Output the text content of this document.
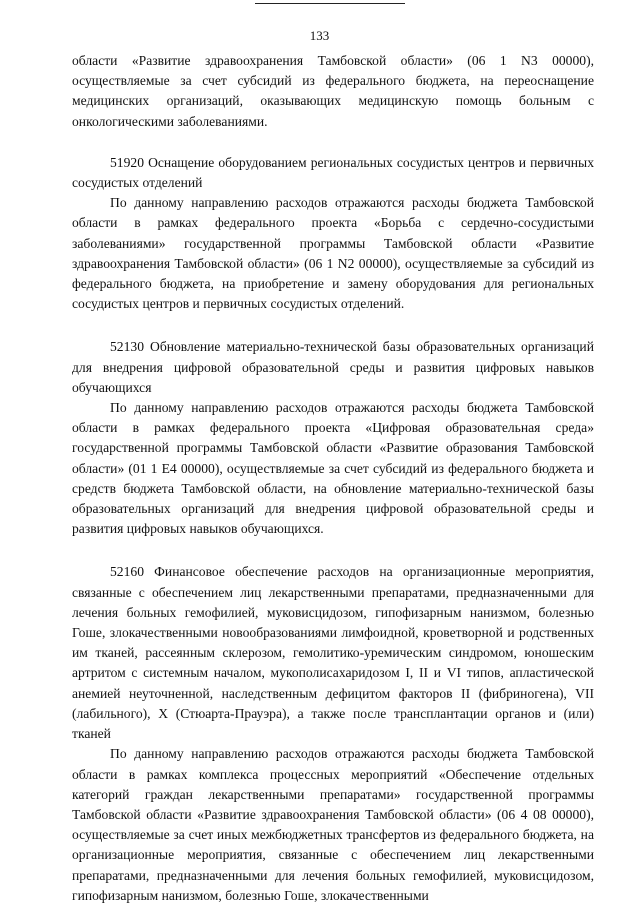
133

области «Развитие здравоохранения Тамбовской области» (06 1 N3 00000), осуществляемые за счет субсидий из федерального бюджета, на переоснащение медицинских организаций, оказывающих медицинскую помощь больным с онкологическими заболеваниями.

51920 Оснащение оборудованием региональных сосудистых центров и первичных сосудистых отделений

По данному направлению расходов отражаются расходы бюджета Тамбовской области в рамках федерального проекта «Борьба с сердечно-сосудистыми заболеваниями» государственной программы Тамбовской области «Развитие здравоохранения Тамбовской области» (06 1 N2 00000), осуществляемые за субсидий из федерального бюджета, на приобретение и замену оборудования для региональных сосудистых центров и первичных сосудистых отделений.

52130 Обновление материально-технической базы образовательных организаций для внедрения цифровой образовательной среды и развития цифровых навыков обучающихся

По данному направлению расходов отражаются расходы бюджета Тамбовской области в рамках федерального проекта «Цифровая образовательная среда» государственной программы Тамбовской области «Развитие образования Тамбовской области» (01 1 E4 00000), осуществляемые за счет субсидий из федерального бюджета и средств бюджета Тамбовской области, на обновление материально-технической базы образовательных организаций для внедрения цифровой образовательной среды и развития цифровых навыков обучающихся.

52160 Финансовое обеспечение расходов на организационные мероприятия, связанные с обеспечением лиц лекарственными препаратами, предназначенными для лечения больных гемофилией, муковисцидозом, гипофизарным нанизмом, болезнью Гоше, злокачественными новообразованиями лимфоидной, кроветворной и родственных им тканей, рассеянным склерозом, гемолитико-уремическим синдромом, юношеским артритом с системным началом, мукополисахаридозом I, II и VI типов, апластической анемией неуточненной, наследственным дефицитом факторов II (фибриногена), VII (лабильного), X (Стюарта-Прауэра), а также после трансплантации органов и (или) тканей

По данному направлению расходов отражаются расходы бюджета Тамбовской области в рамках комплекса процессных мероприятий «Обеспечение отдельных категорий граждан лекарственными препаратами» государственной программы Тамбовской области «Развитие здравоохранения Тамбовской области» (06 4 08 00000), осуществляемые за счет иных межбюджетных трансфертов из федерального бюджета, на организационные мероприятия, связанные с обеспечением лиц лекарственными препаратами, предназначенными для лечения больных гемофилией, муковисцидозом, гипофизарным нанизмом, болезнью Гоше, злокачественными
